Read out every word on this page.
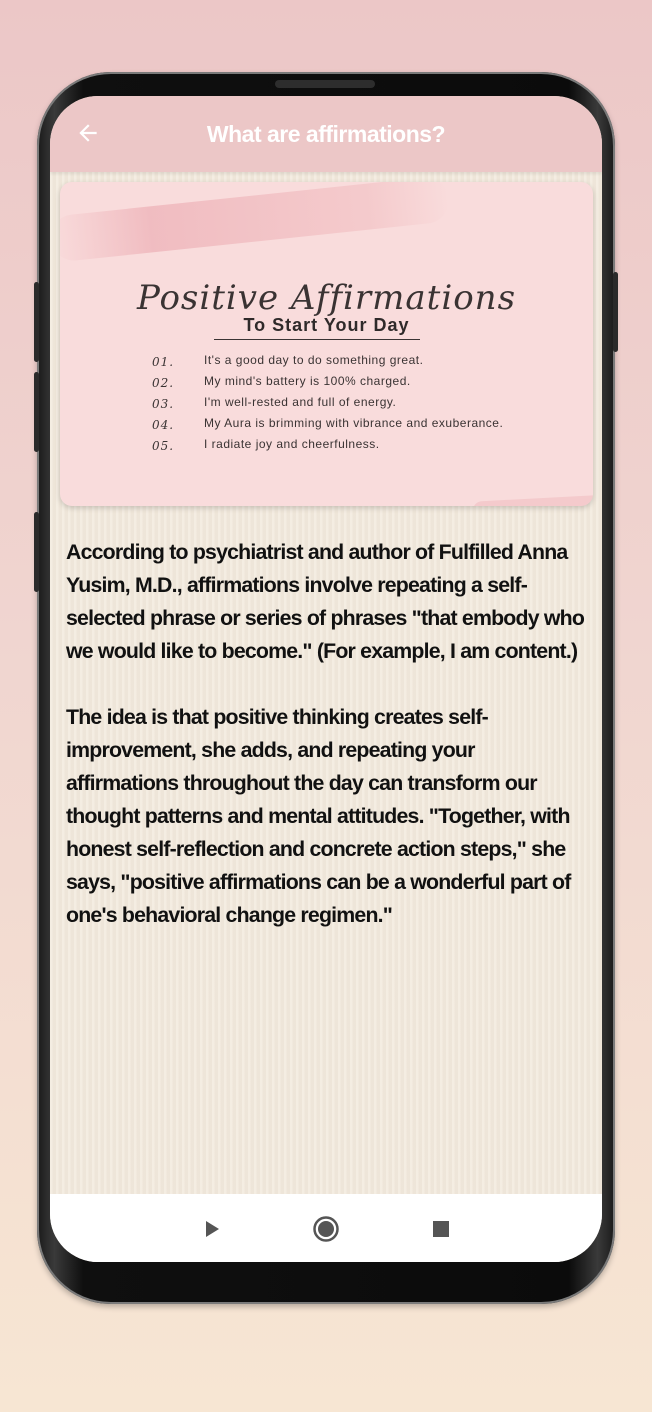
What are affirmations?
Positive Affirmations
To Start Your Day
01.	It's a good day to do something great.
02.	My mind's battery is 100% charged.
03.	I'm well-rested and full of energy.
04.	My Aura is brimming with vibrance and exuberance.
05.	I radiate joy and cheerfulness.
According to psychiatrist and author of Fulfilled Anna Yusim, M.D., affirmations involve repeating a self-selected phrase or series of phrases "that embody who we would like to become." (For example, I am content.)
The idea is that positive thinking creates self-improvement, she adds, and repeating your affirmations throughout the day can transform our thought patterns and mental attitudes. "Together, with honest self-reflection and concrete action steps," she says, "positive affirmations can be a wonderful part of one's behavioral change regimen."
